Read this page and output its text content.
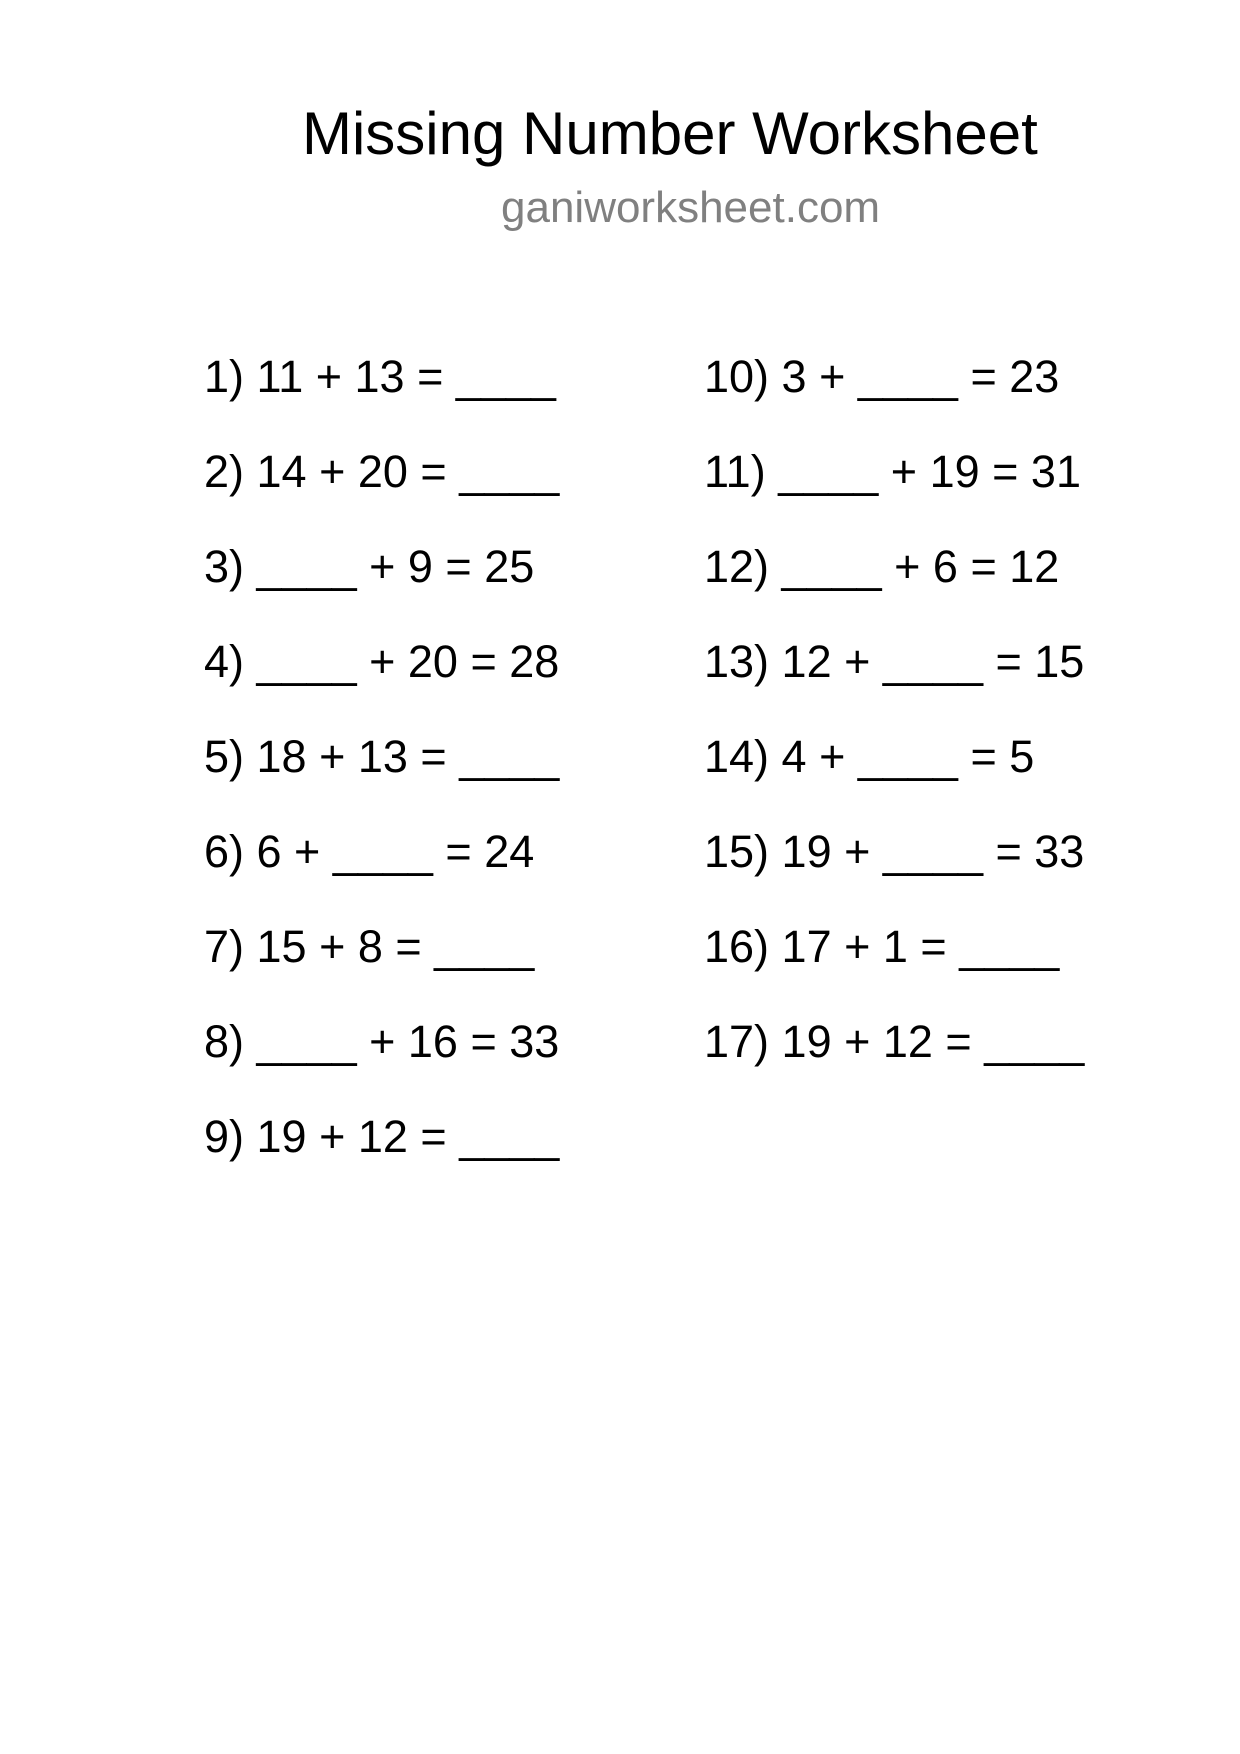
Missing Number Worksheet
ganiworksheet.com
1) 11 + 13 = ____
2) 14 + 20 = ____
3) ____ + 9 = 25
4) ____ + 20 = 28
5) 18 + 13 = ____
6) 6 + ____ = 24
7) 15 + 8 = ____
8) ____ + 16 = 33
9) 19 + 12 = ____
10) 3 + ____ = 23
11) ____ + 19 = 31
12) ____ + 6 = 12
13) 12 + ____ = 15
14) 4 + ____ = 5
15) 19 + ____ = 33
16) 17 + 1 = ____
17) 19 + 12 = ____
